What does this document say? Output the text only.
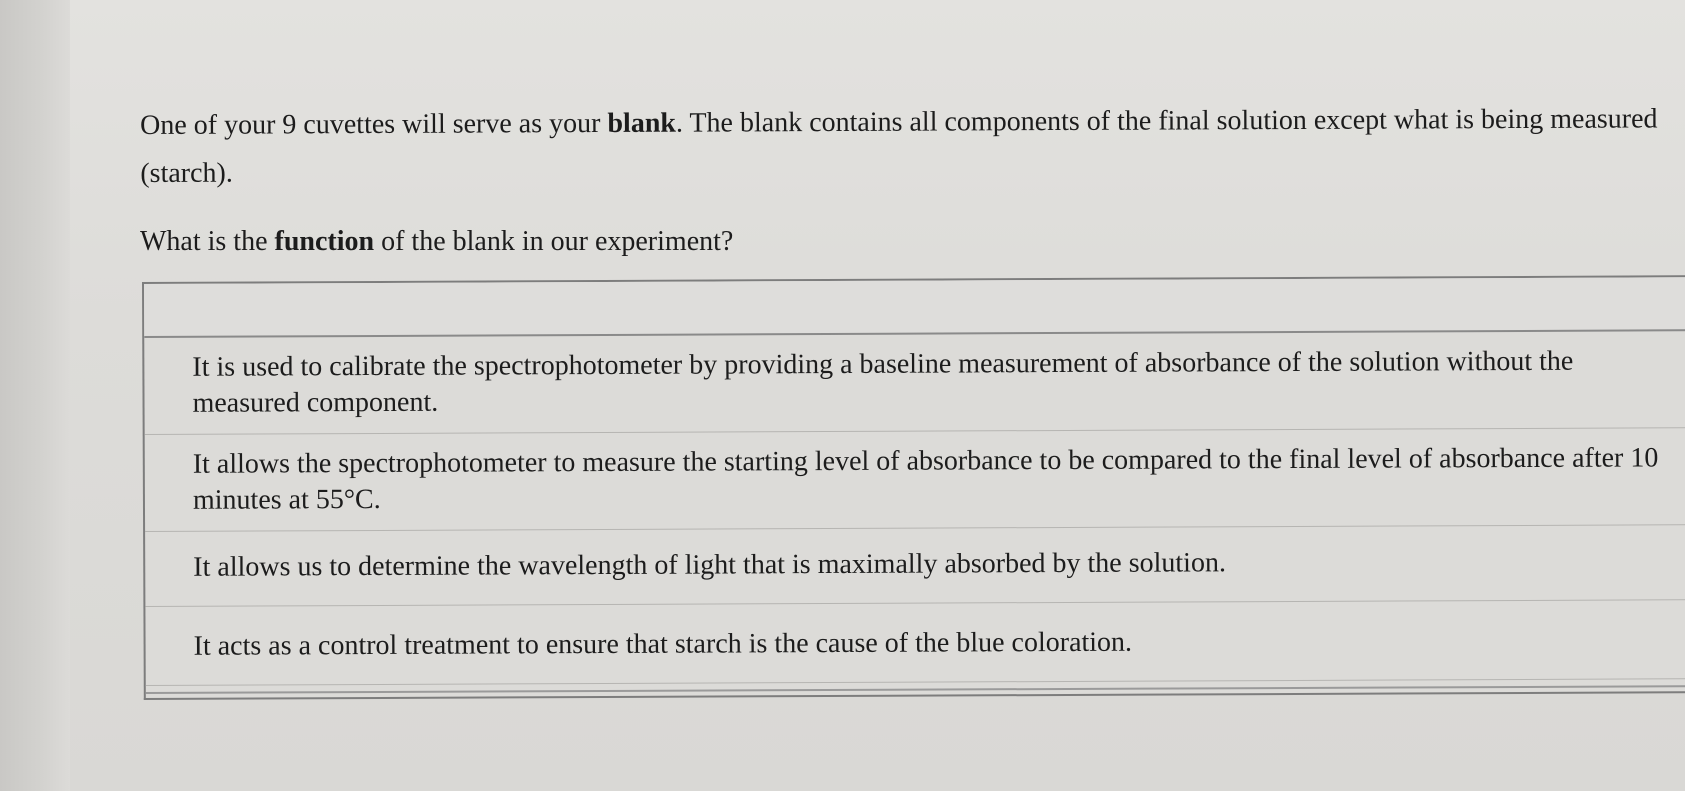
One of your 9 cuvettes will serve as your blank. The blank contains all components of the final solution except what is being measured (starch).

What is the function of the blank in our experiment?

It is used to calibrate the spectrophotometer by providing a baseline measurement of absorbance of the solution without the measured component.
It allows the spectrophotometer to measure the starting level of absorbance to be compared to the final level of absorbance after 10 minutes at 55°C.
It allows us to determine the wavelength of light that is maximally absorbed by the solution.
It acts as a control treatment to ensure that starch is the cause of the blue coloration.
